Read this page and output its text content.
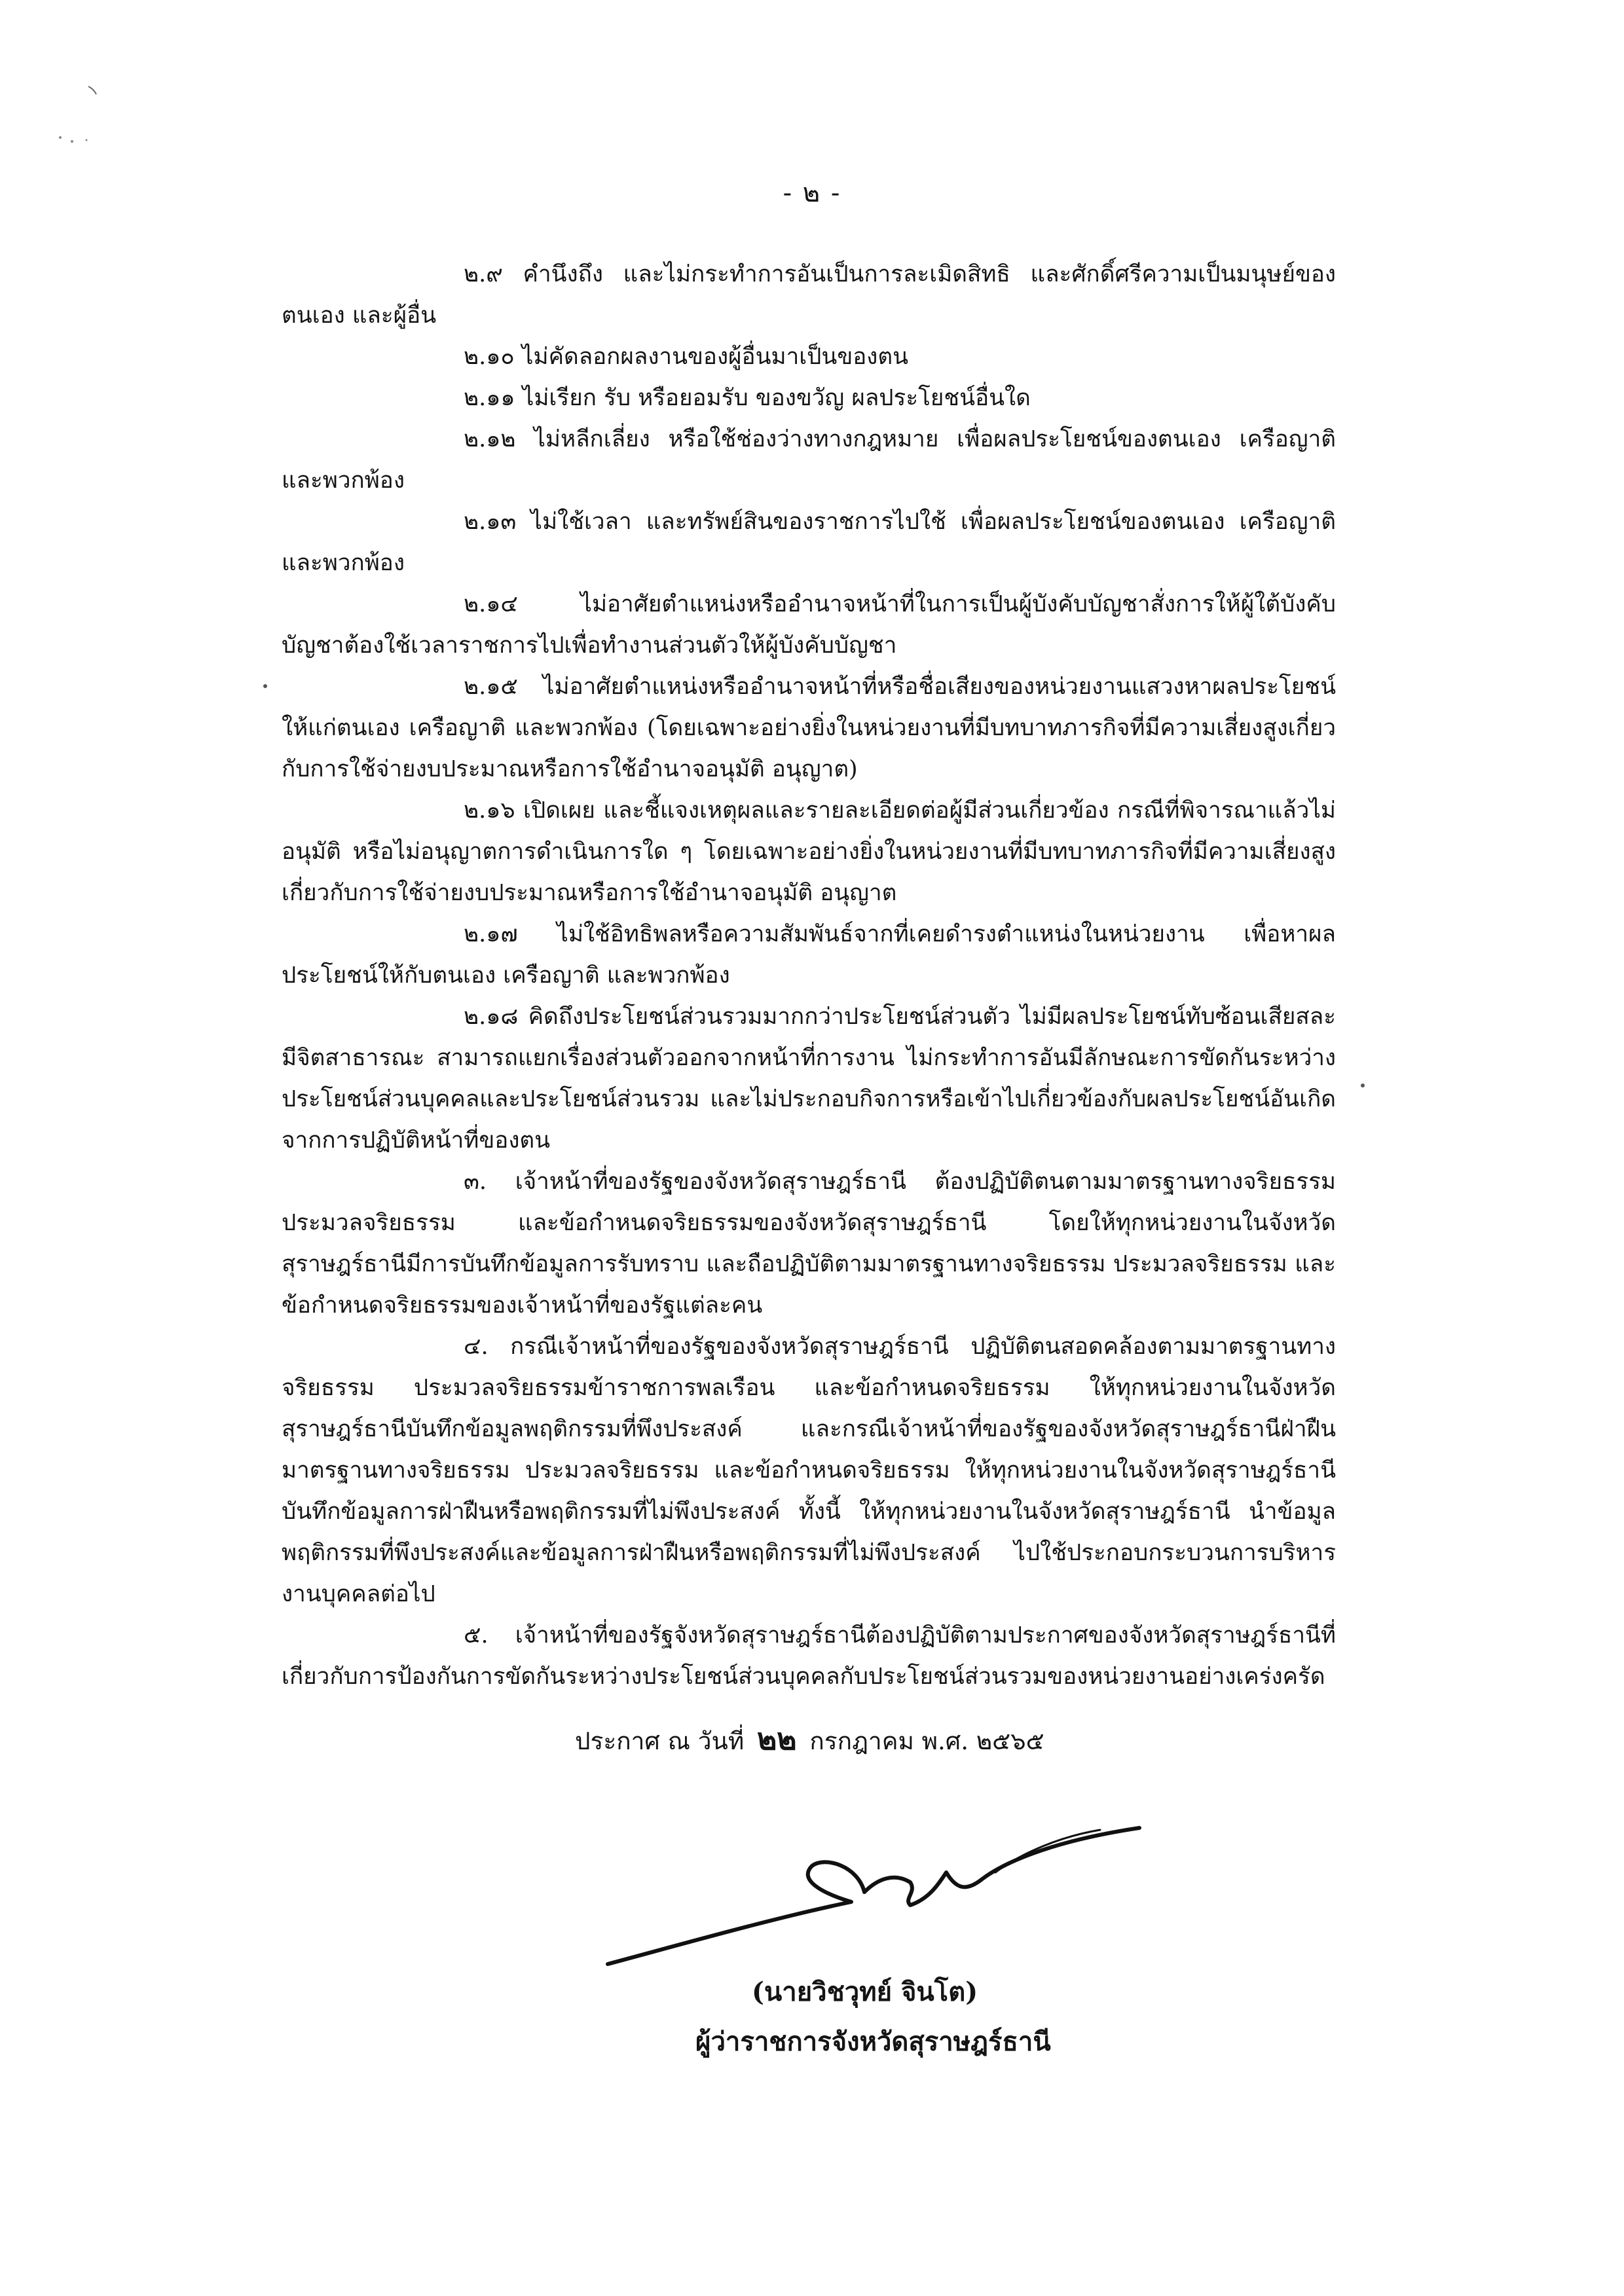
- ๒ -

๒.๙ คำนึงถึง และไม่กระทำการอันเป็นการละเมิดสิทธิ และศักดิ์ศรีความเป็นมนุษย์ของตนเอง และผู้อื่น

๒.๑๐ ไม่คัดลอกผลงานของผู้อื่นมาเป็นของตน

๒.๑๑ ไม่เรียก รับ หรือยอมรับ ของขวัญ ผลประโยชน์อื่นใด

๒.๑๒ ไม่หลีกเลี่ยง หรือใช้ช่องว่างทางกฎหมาย เพื่อผลประโยชน์ของตนเอง เครือญาติ และพวกพ้อง

๒.๑๓ ไม่ใช้เวลา และทรัพย์สินของราชการไปใช้ เพื่อผลประโยชน์ของตนเอง เครือญาติ และพวกพ้อง

๒.๑๔ ไม่อาศัยตำแหน่งหรืออำนาจหน้าที่ในการเป็นผู้บังคับบัญชาสั่งการให้ผู้ใต้บังคับบัญชาต้องใช้เวลาราชการไปเพื่อทำงานส่วนตัวให้ผู้บังคับบัญชา

๒.๑๕ ไม่อาศัยตำแหน่งหรืออำนาจหน้าที่หรือชื่อเสียงของหน่วยงานแสวงหาผลประโยชน์ให้แก่ตนเอง เครือญาติ และพวกพ้อง (โดยเฉพาะอย่างยิ่งในหน่วยงานที่มีบทบาทภารกิจที่มีความเสี่ยงสูงเกี่ยวกับการใช้จ่ายงบประมาณหรือการใช้อำนาจอนุมัติ อนุญาต)

๒.๑๖ เปิดเผย และชี้แจงเหตุผลและรายละเอียดต่อผู้มีส่วนเกี่ยวข้อง กรณีที่พิจารณาแล้วไม่อนุมัติ หรือไม่อนุญาตการดำเนินการใด ๆ โดยเฉพาะอย่างยิ่งในหน่วยงานที่มีบทบาทภารกิจที่มีความเสี่ยงสูงเกี่ยวกับการใช้จ่ายงบประมาณหรือการใช้อำนาจอนุมัติ อนุญาต

๒.๑๗ ไม่ใช้อิทธิพลหรือความสัมพันธ์จากที่เคยดำรงตำแหน่งในหน่วยงาน เพื่อหาผลประโยชน์ให้กับตนเอง เครือญาติ และพวกพ้อง

๒.๑๘ คิดถึงประโยชน์ส่วนรวมมากกว่าประโยชน์ส่วนตัว ไม่มีผลประโยชน์ทับซ้อนเสียสละ มีจิตสาธารณะ สามารถแยกเรื่องส่วนตัวออกจากหน้าที่การงาน ไม่กระทำการอันมีลักษณะการขัดกันระหว่างประโยชน์ส่วนบุคคลและประโยชน์ส่วนรวม และไม่ประกอบกิจการหรือเข้าไปเกี่ยวข้องกับผลประโยชน์อันเกิดจากการปฏิบัติหน้าที่ของตน

๓. เจ้าหน้าที่ของรัฐของจังหวัดสุราษฎร์ธานี ต้องปฏิบัติตนตามมาตรฐานทางจริยธรรม ประมวลจริยธรรม และข้อกำหนดจริยธรรมของจังหวัดสุราษฎร์ธานี โดยให้ทุกหน่วยงานในจังหวัดสุราษฎร์ธานีมีการบันทึกข้อมูลการรับทราบ และถือปฏิบัติตามมาตรฐานทางจริยธรรม ประมวลจริยธรรม และข้อกำหนดจริยธรรมของเจ้าหน้าที่ของรัฐแต่ละคน

๔. กรณีเจ้าหน้าที่ของรัฐของจังหวัดสุราษฎร์ธานี ปฏิบัติตนสอดคล้องตามมาตรฐานทางจริยธรรม ประมวลจริยธรรมข้าราชการพลเรือน และข้อกำหนดจริยธรรม ให้ทุกหน่วยงานในจังหวัดสุราษฎร์ธานีบันทึกข้อมูลพฤติกรรมที่พึงประสงค์ และกรณีเจ้าหน้าที่ของรัฐของจังหวัดสุราษฎร์ธานีฝ่าฝืนมาตรฐานทางจริยธรรม ประมวลจริยธรรม และข้อกำหนดจริยธรรม ให้ทุกหน่วยงานในจังหวัดสุราษฎร์ธานี บันทึกข้อมูลการฝ่าฝืนหรือพฤติกรรมที่ไม่พึงประสงค์ ทั้งนี้ ให้ทุกหน่วยงานในจังหวัดสุราษฎร์ธานี นำข้อมูลพฤติกรรมที่พึงประสงค์และข้อมูลการฝ่าฝืนหรือพฤติกรรมที่ไม่พึงประสงค์ ไปใช้ประกอบกระบวนการบริหารงานบุคคลต่อไป

๕. เจ้าหน้าที่ของรัฐจังหวัดสุราษฎร์ธานีต้องปฏิบัติตามประกาศของจังหวัดสุราษฎร์ธานีที่เกี่ยวกับการป้องกันการขัดกันระหว่างประโยชน์ส่วนบุคคลกับประโยชน์ส่วนรวมของหน่วยงานอย่างเคร่งครัด

ประกาศ ณ วันที่ ๒๒ กรกฎาคม พ.ศ. ๒๕๖๕
(นายวิชวุทย์ จินโต)
ผู้ว่าราชการจังหวัดสุราษฎร์ธานี
